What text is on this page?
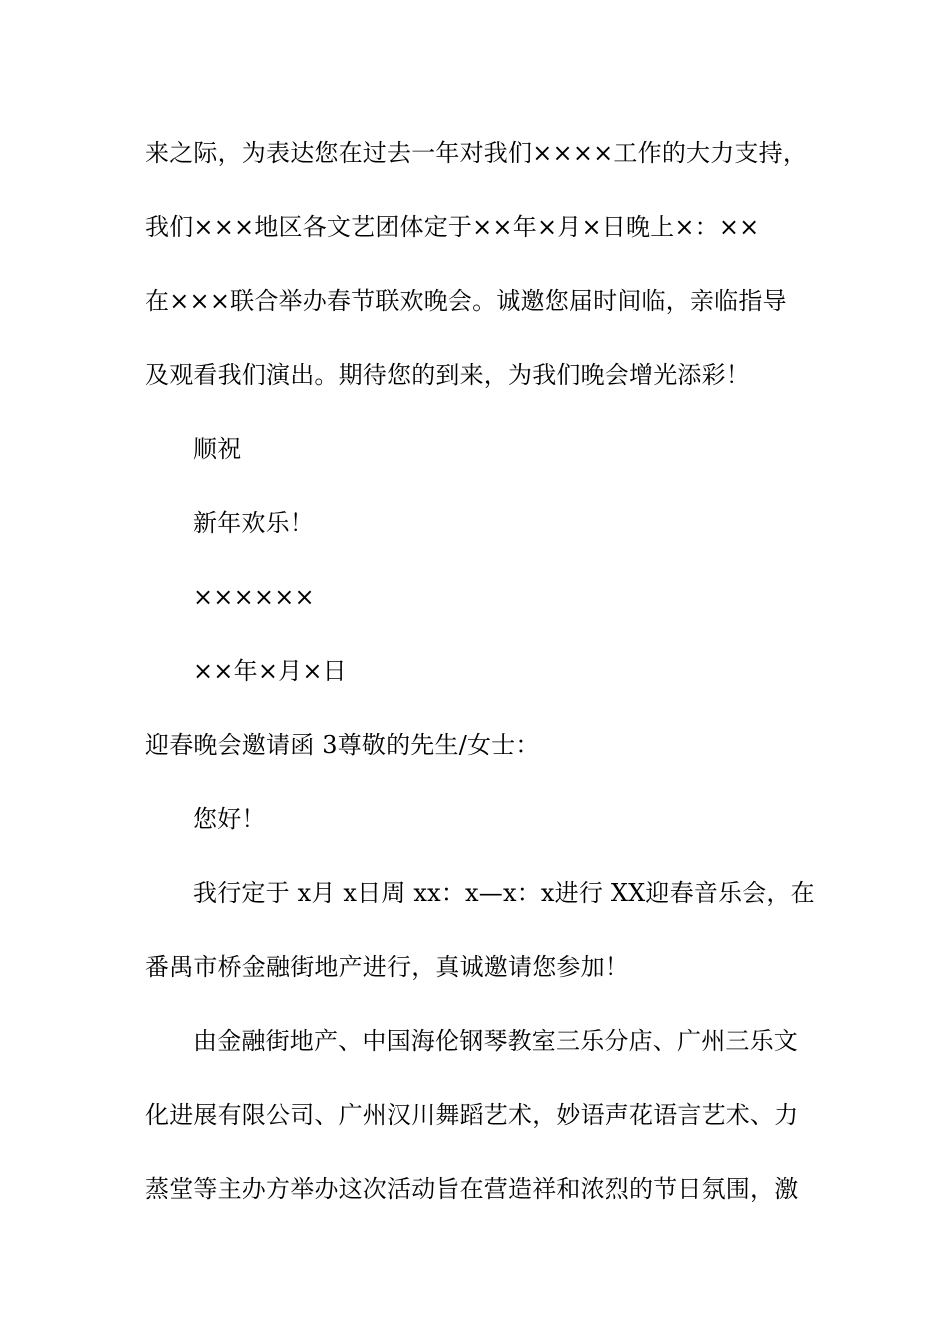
来之际，为表达您在过去一年对我们××××工作的大力支持，
我们×××地区各文艺团体定于××年×月×日晚上×：××
在×××联合举办春节联欢晚会。诚邀您届时间临，亲临指导
及观看我们演出。期待您的到来，为我们晚会增光添彩！
顺祝
新年欢乐！
××××××
××年×月×日
迎春晚会邀请函 3尊敬的先生/女士：
您好！
我行定于 x月 x日周 xx：x—x：x进行 XX迎春音乐会，在
番禺市桥金融街地产进行，真诚邀请您参加！
由金融街地产、中国海伦钢琴教室三乐分店、广州三乐文
化进展有限公司、广州汉川舞蹈艺术，妙语声花语言艺术、力
蒸堂等主办方举办这次活动旨在营造祥和浓烈的节日氛围，激
